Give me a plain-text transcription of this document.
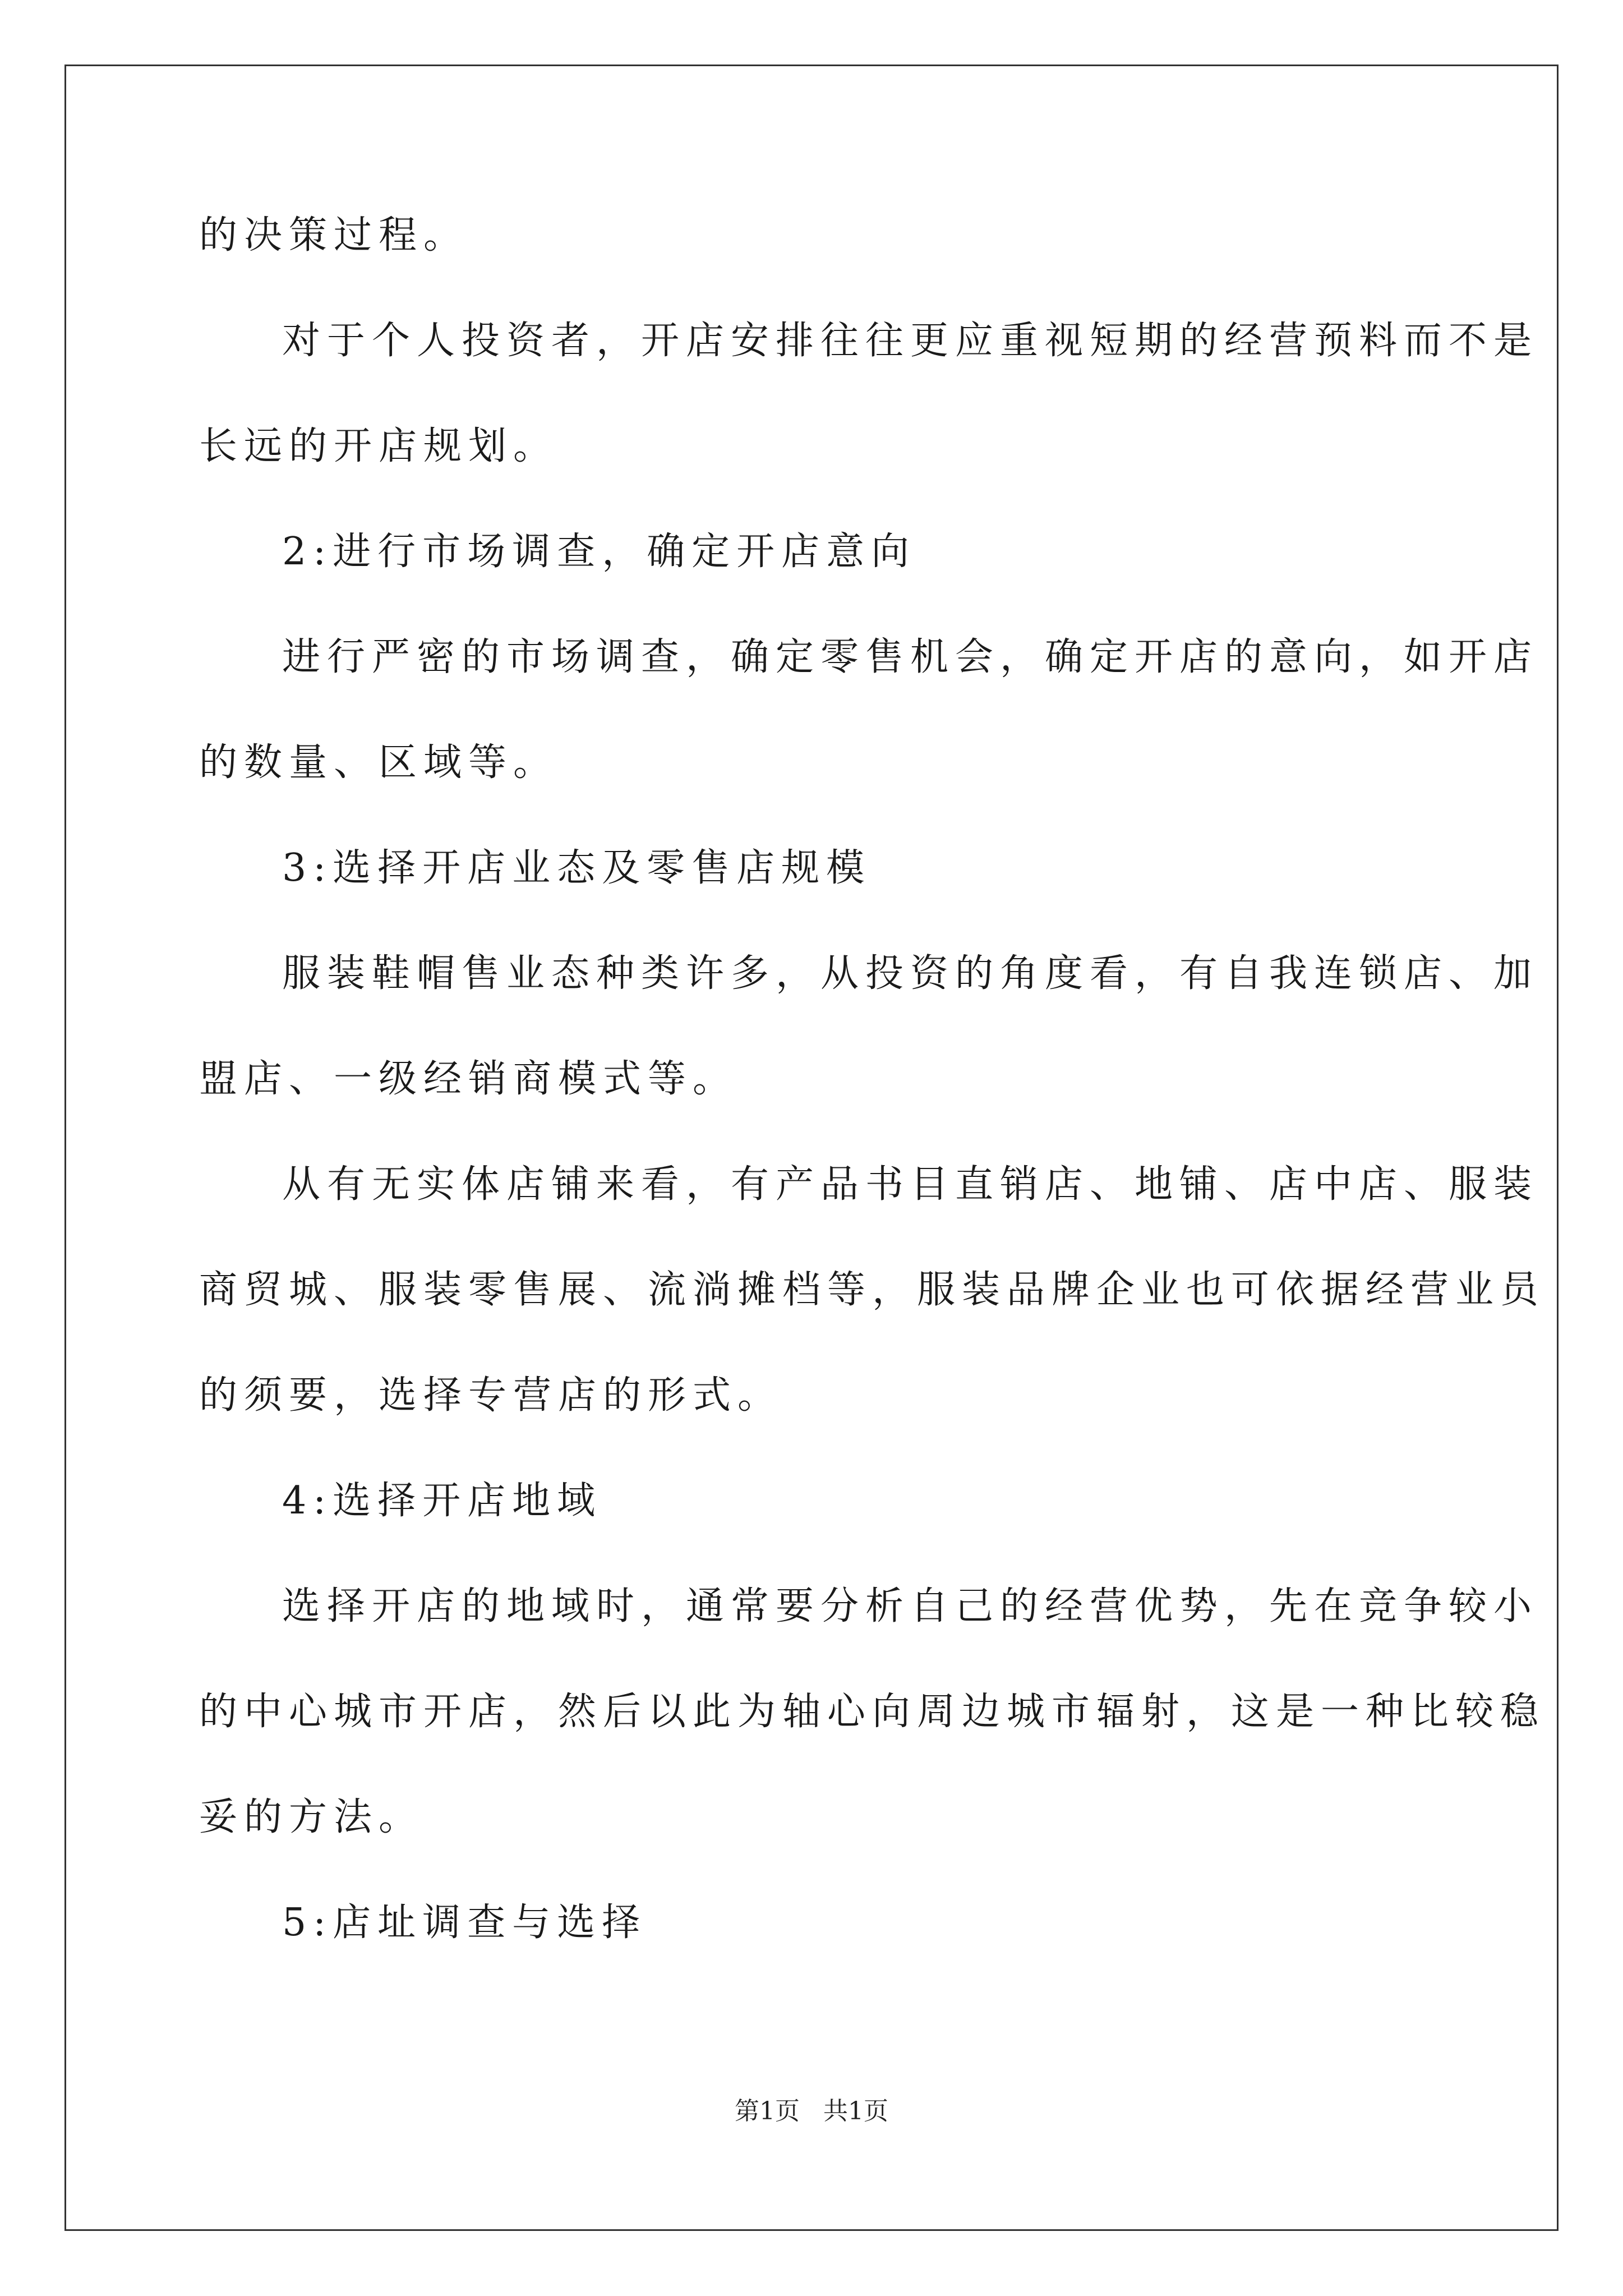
的决策过程。
对于个人投资者，开店安排往往更应重视短期的经营预料而不是
长远的开店规划。
2:进行市场调查，确定开店意向
进行严密的市场调查，确定零售机会，确定开店的意向，如开店
的数量、区域等。
3:选择开店业态及零售店规模
服装鞋帽售业态种类许多，从投资的角度看，有自我连锁店、加
盟店、一级经销商模式等。
从有无实体店铺来看，有产品书目直销店、地铺、店中店、服装
商贸城、服装零售展、流淌摊档等，服装品牌企业也可依据经营业员
的须要，选择专营店的形式。
4:选择开店地域
选择开店的地域时，通常要分析自己的经营优势，先在竞争较小
的中心城市开店，然后以此为轴心向周边城市辐射，这是一种比较稳
妥的方法。
5:店址调查与选择
第1页   共1页
